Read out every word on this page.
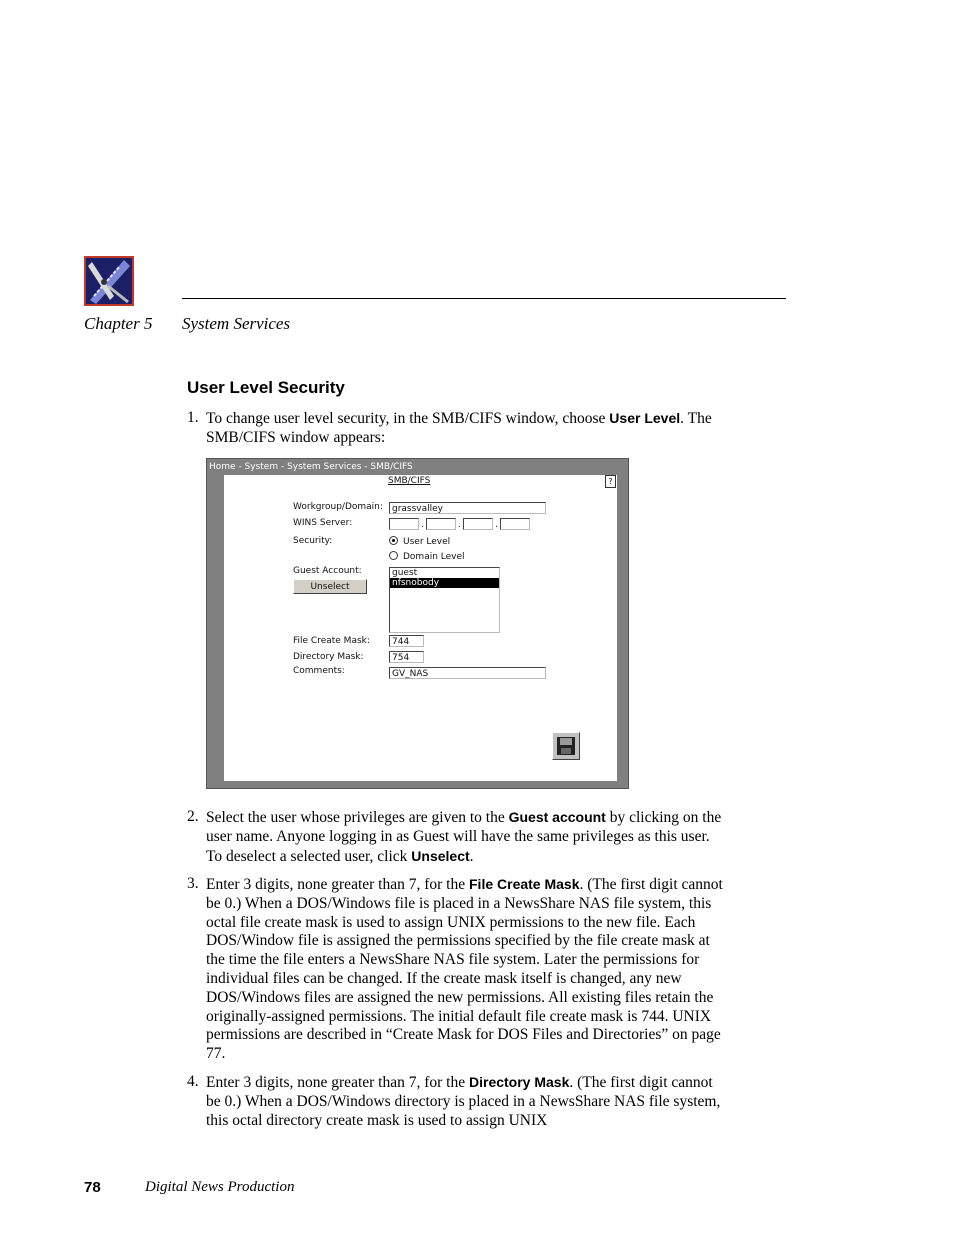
Chapter 5 System Services
User Level Security
1. To change user level security, in the SMB/CIFS window, choose User Level. The SMB/CIFS window appears:
Home - System - System Services - SMB/CIFS
SMB/CIFS	?
Workgroup/Domain:	grassvalley
WINS Server:	.	.	.
Security:	User Level
Domain Level
Guest Account:
Unselect
guest
nfsnobody
File Create Mask:	744
Directory Mask:	754
Comments:	GV_NAS
2. Select the user whose privileges are given to the Guest account by clicking on the user name. Anyone logging in as Guest will have the same privileges as this user. To deselect a selected user, click Unselect.
3. Enter 3 digits, none greater than 7, for the File Create Mask. (The first digit cannot be 0.) When a DOS/Windows file is placed in a NewsShare NAS file system, this octal file create mask is used to assign UNIX permissions to the new file. Each DOS/Window file is assigned the permissions specified by the file create mask at the time the file enters a NewsShare NAS file system. Later the permissions for individual files can be changed. If the create mask itself is changed, any new DOS/Windows files are assigned the new permissions. All existing files retain the originally-assigned permissions. The initial default file create mask is 744. UNIX permissions are described in “Create Mask for DOS Files and Directories” on page 77.
4. Enter 3 digits, none greater than 7, for the Directory Mask. (The first digit cannot be 0.) When a DOS/Windows directory is placed in a NewsShare NAS file system, this octal directory create mask is used to assign UNIX
78	Digital News Production
